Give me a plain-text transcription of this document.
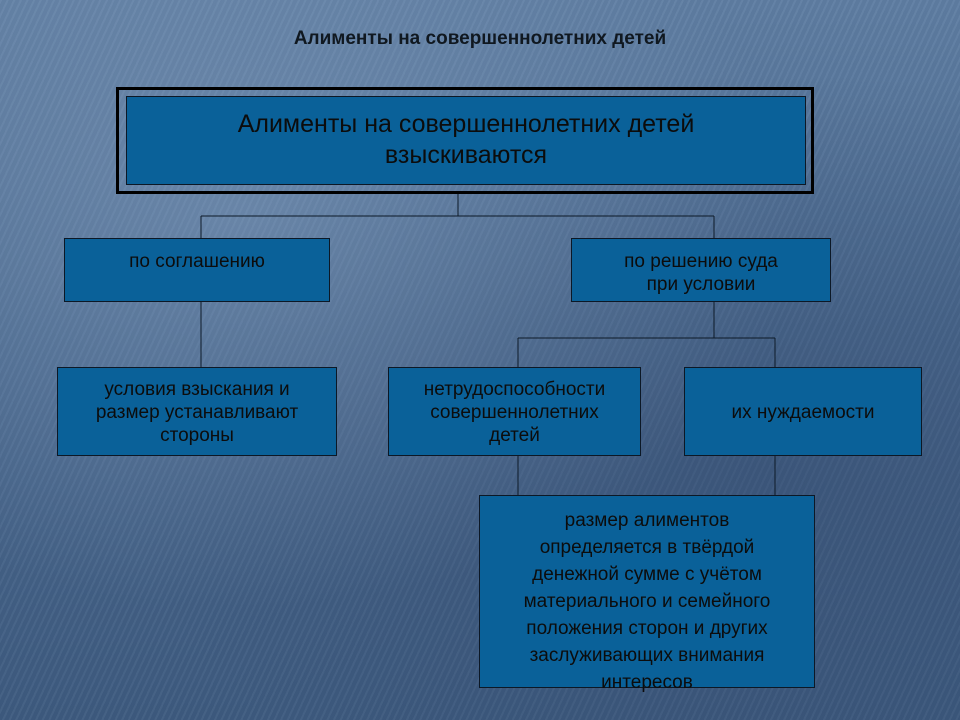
Алименты на совершеннолетних детей
Алименты на совершеннолетних детей
взыскиваются
по соглашению	по решению суда
при условии
условия взыскания и
размер устанавливают
стороны
нетрудоспособности
совершеннолетних
детей
их нуждаемости
размер алиментов
определяется в твёрдой
денежной сумме с учётом
материального и семейного
положения сторон и других
заслуживающих внимания
интересов
